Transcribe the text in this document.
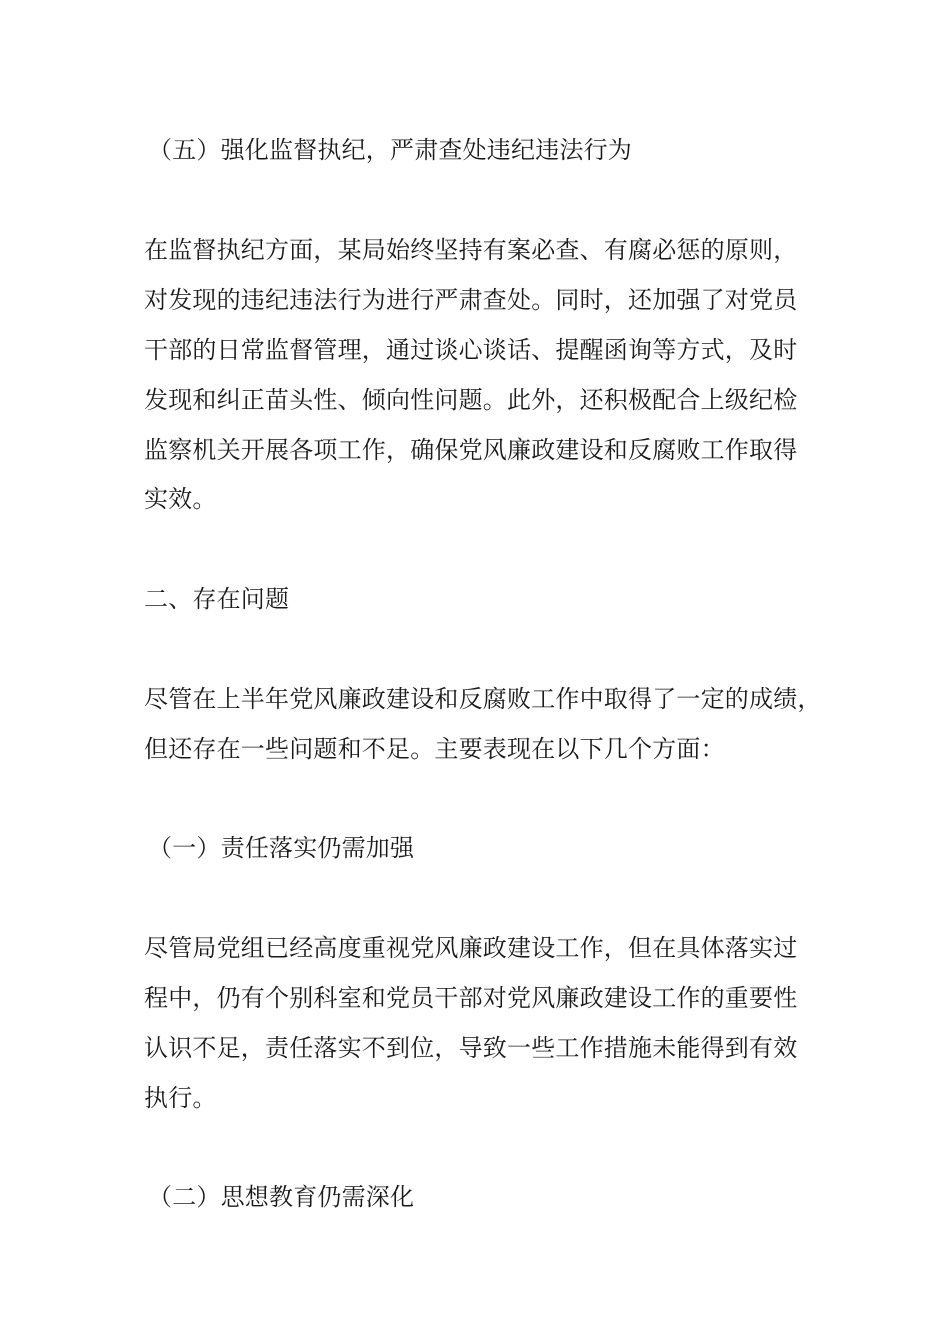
（五）强化监督执纪，严肃查处违纪违法行为
在监督执纪方面，某局始终坚持有案必查、有腐必惩的原则，
对发现的违纪违法行为进行严肃查处。同时，还加强了对党员
干部的日常监督管理，通过谈心谈话、提醒函询等方式，及时
发现和纠正苗头性、倾向性问题。此外，还积极配合上级纪检
监察机关开展各项工作，确保党风廉政建设和反腐败工作取得
实效。
二、存在问题
尽管在上半年党风廉政建设和反腐败工作中取得了一定的成绩，
但还存在一些问题和不足。主要表现在以下几个方面：
（一）责任落实仍需加强
尽管局党组已经高度重视党风廉政建设工作，但在具体落实过
程中，仍有个别科室和党员干部对党风廉政建设工作的重要性
认识不足，责任落实不到位，导致一些工作措施未能得到有效
执行。
（二）思想教育仍需深化
